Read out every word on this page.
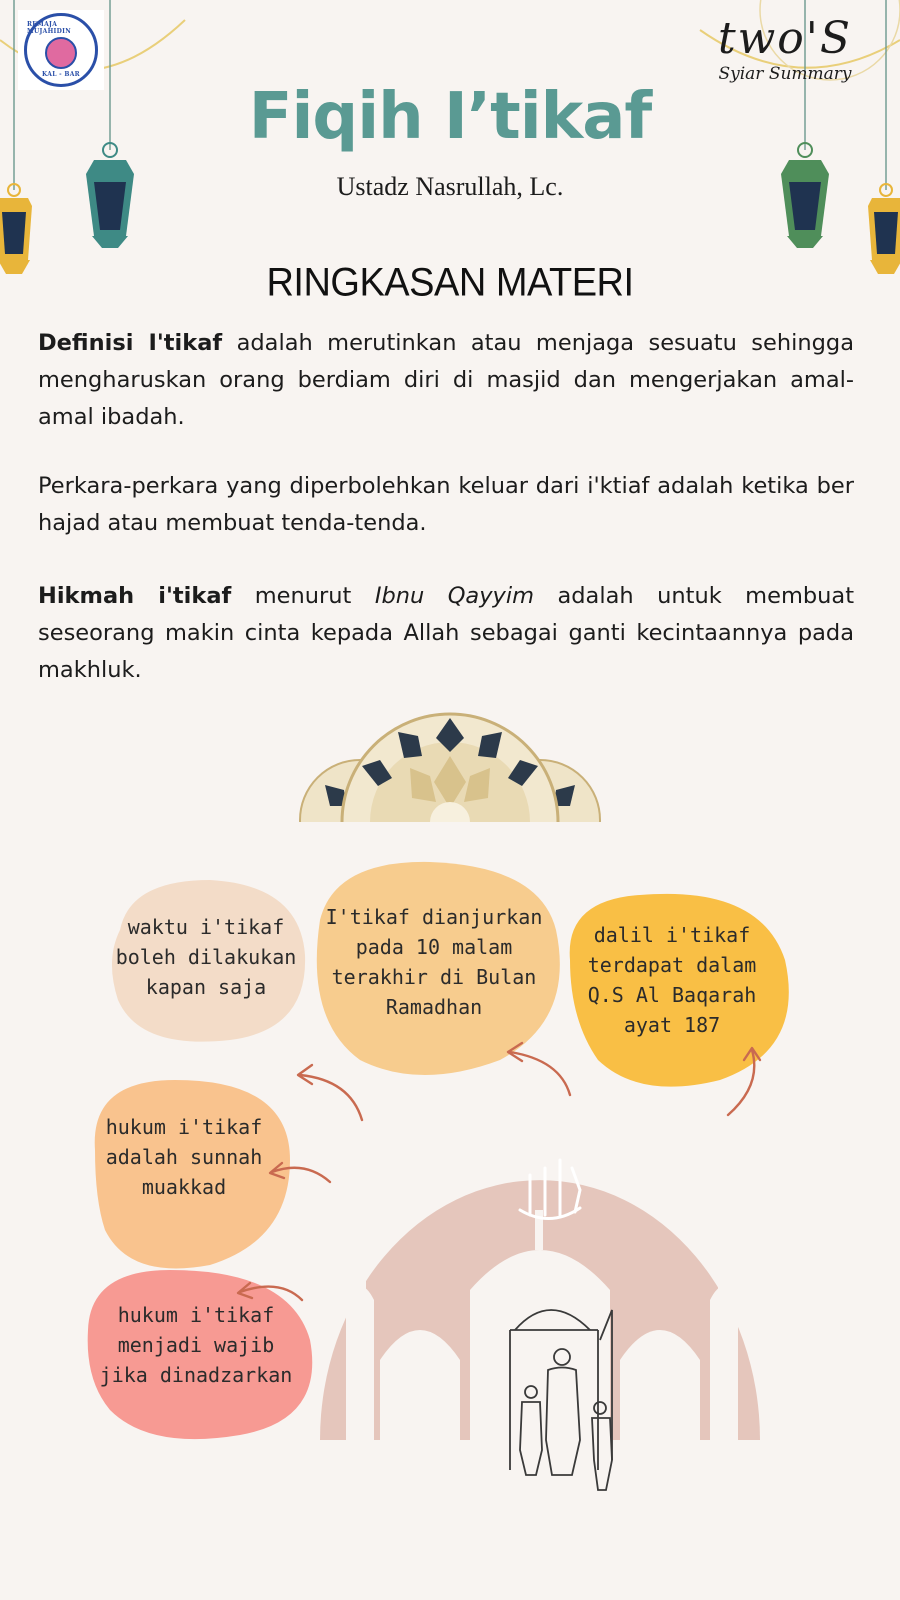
REMAJA MUJAHIDIN
KAL - BAR
two'S
Syiar Summary
Fiqih I’tikaf
Ustadz Nasrullah, Lc.
RINGKASAN MATERI
Definisi I'tikaf adalah merutinkan atau menjaga sesuatu sehingga mengharuskan orang berdiam diri di masjid dan mengerjakan amal-amal ibadah.
Perkara-perkara yang diperbolehkan keluar dari i'ktiaf adalah ketika ber hajad atau membuat tenda-tenda.
Hikmah i'tikaf menurut Ibnu Qayyim adalah untuk membuat seseorang makin cinta kepada Allah sebagai ganti kecintaannya pada makhluk.
waktu i'tikaf
boleh dilakukan
kapan saja
I'tikaf dianjurkan
pada 10 malam
terakhir di Bulan
Ramadhan
dalil i'tikaf
terdapat dalam
Q.S Al Baqarah
ayat 187
hukum i'tikaf
adalah sunnah
muakkad
hukum i'tikaf
menjadi wajib
jika dinadzarkan
